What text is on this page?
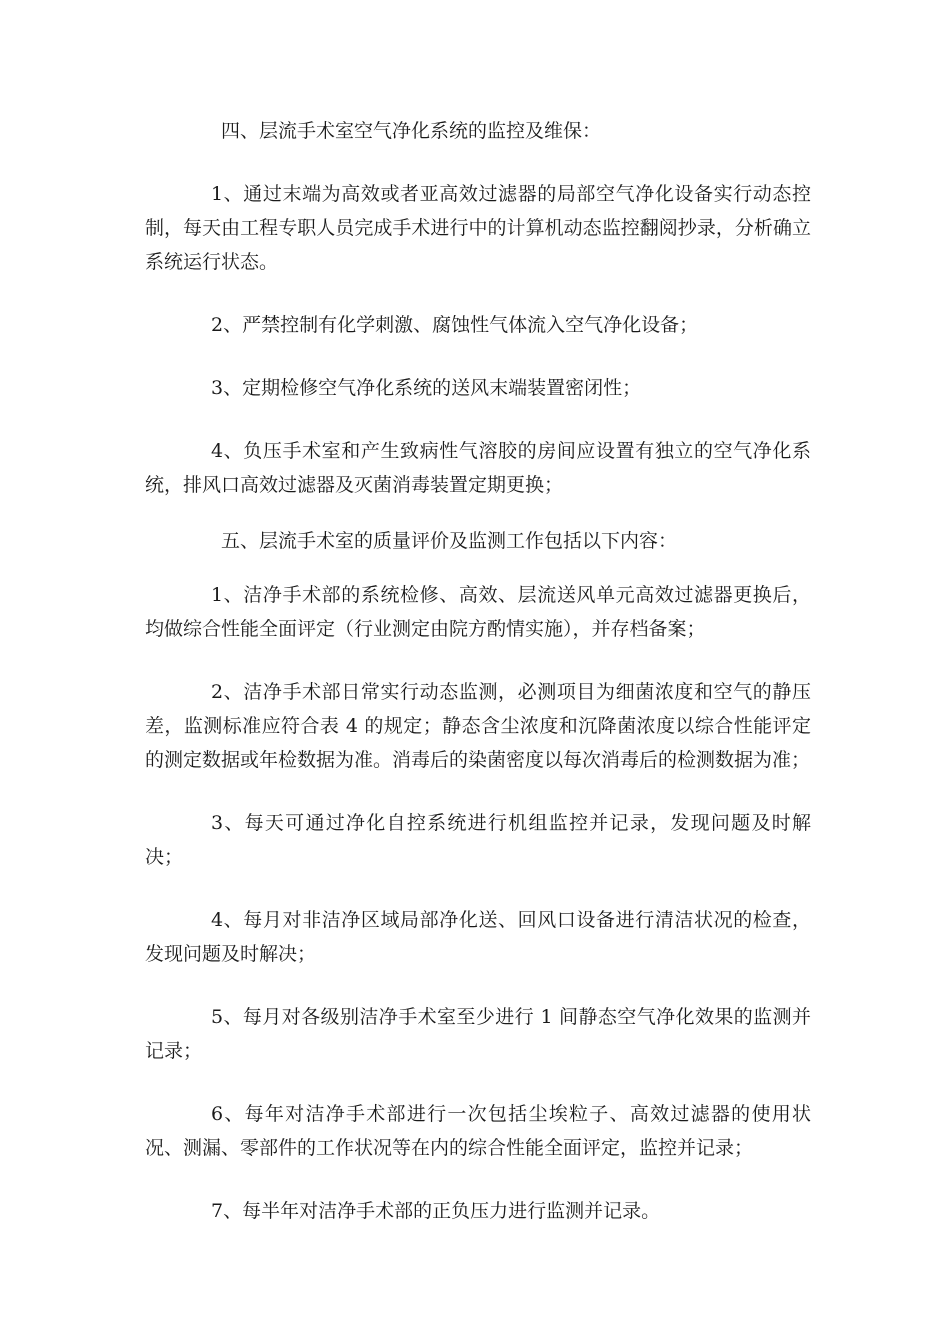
四、层流手术室空气净化系统的监控及维保：

1、通过末端为高效或者亚高效过滤器的局部空气净化设备实行动态控制，每天由工程专职人员完成手术进行中的计算机动态监控翻阅抄录，分析确立系统运行状态。

2、严禁控制有化学刺激、腐蚀性气体流入空气净化设备；

3、定期检修空气净化系统的送风末端装置密闭性；

4、负压手术室和产生致病性气溶胶的房间应设置有独立的空气净化系统，排风口高效过滤器及灭菌消毒装置定期更换；

五、层流手术室的质量评价及监测工作包括以下内容：

1、洁净手术部的系统检修、高效、层流送风单元高效过滤器更换后，均做综合性能全面评定（行业测定由院方酌情实施），并存档备案；

2、洁净手术部日常实行动态监测，必测项目为细菌浓度和空气的静压差，监测标准应符合表 4 的规定；静态含尘浓度和沉降菌浓度以综合性能评定的测定数据或年检数据为准。消毒后的染菌密度以每次消毒后的检测数据为准；

3、每天可通过净化自控系统进行机组监控并记录，发现问题及时解决；

4、每月对非洁净区域局部净化送、回风口设备进行清洁状况的检查，发现问题及时解决；

5、每月对各级别洁净手术室至少进行 1 间静态空气净化效果的监测并记录；

6、每年对洁净手术部进行一次包括尘埃粒子、高效过滤器的使用状况、测漏、零部件的工作状况等在内的综合性能全面评定，监控并记录；

7、每半年对洁净手术部的正负压力进行监测并记录。
